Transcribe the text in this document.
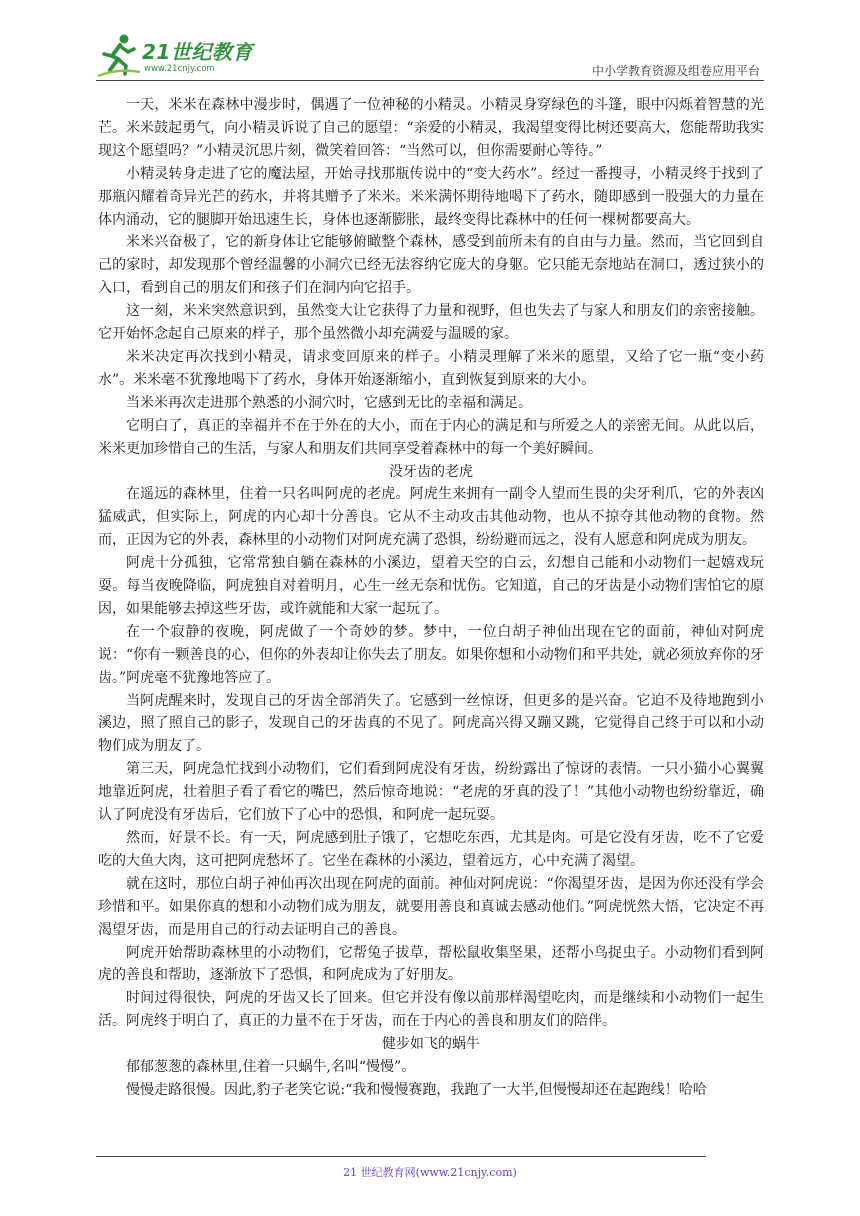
21世纪教育
www.21cnjy.com	中小学教育资源及组卷应用平台

一天，米米在森林中漫步时，偶遇了一位神秘的小精灵。小精灵身穿绿色的斗篷，眼中闪烁着智慧的光芒。米米鼓起勇气，向小精灵诉说了自己的愿望：“亲爱的小精灵，我渴望变得比树还要高大，您能帮助我实现这个愿望吗？”小精灵沉思片刻，微笑着回答：“当然可以，但你需要耐心等待。”

小精灵转身走进了它的魔法屋，开始寻找那瓶传说中的“变大药水”。经过一番搜寻，小精灵终于找到了那瓶闪耀着奇异光芒的药水，并将其赠予了米米。米米满怀期待地喝下了药水，随即感到一股强大的力量在体内涌动，它的腿脚开始迅速生长，身体也逐渐膨胀，最终变得比森林中的任何一棵树都要高大。

米米兴奋极了，它的新身体让它能够俯瞰整个森林，感受到前所未有的自由与力量。然而，当它回到自己的家时，却发现那个曾经温馨的小洞穴已经无法容纳它庞大的身躯。它只能无奈地站在洞口，透过狭小的入口，看到自己的朋友们和孩子们在洞内向它招手。

这一刻，米米突然意识到，虽然变大让它获得了力量和视野，但也失去了与家人和朋友们的亲密接触。它开始怀念起自己原来的样子，那个虽然微小却充满爱与温暖的家。

米米决定再次找到小精灵，请求变回原来的样子。小精灵理解了米米的愿望，又给了它一瓶“变小药水”。米米毫不犹豫地喝下了药水，身体开始逐渐缩小，直到恢复到原来的大小。

当米米再次走进那个熟悉的小洞穴时，它感到无比的幸福和满足。

它明白了，真正的幸福并不在于外在的大小，而在于内心的满足和与所爱之人的亲密无间。从此以后，米米更加珍惜自己的生活，与家人和朋友们共同享受着森林中的每一个美好瞬间。

没牙齿的老虎

在遥远的森林里，住着一只名叫阿虎的老虎。阿虎生来拥有一副令人望而生畏的尖牙利爪，它的外表凶猛威武，但实际上，阿虎的内心却十分善良。它从不主动攻击其他动物，也从不掠夺其他动物的食物。然而，正因为它的外表，森林里的小动物们对阿虎充满了恐惧，纷纷避而远之，没有人愿意和阿虎成为朋友。

阿虎十分孤独，它常常独自躺在森林的小溪边，望着天空的白云，幻想自己能和小动物们一起嬉戏玩耍。每当夜晚降临，阿虎独自对着明月，心生一丝无奈和忧伤。它知道，自己的牙齿是小动物们害怕它的原因，如果能够去掉这些牙齿，或许就能和大家一起玩了。

在一个寂静的夜晚，阿虎做了一个奇妙的梦。梦中，一位白胡子神仙出现在它的面前，神仙对阿虎说：“你有一颗善良的心，但你的外表却让你失去了朋友。如果你想和小动物们和平共处，就必须放弃你的牙齿。”阿虎毫不犹豫地答应了。

当阿虎醒来时，发现自己的牙齿全部消失了。它感到一丝惊讶，但更多的是兴奋。它迫不及待地跑到小溪边，照了照自己的影子，发现自己的牙齿真的不见了。阿虎高兴得又蹦又跳，它觉得自己终于可以和小动物们成为朋友了。

第三天，阿虎急忙找到小动物们，它们看到阿虎没有牙齿，纷纷露出了惊讶的表情。一只小猫小心翼翼地靠近阿虎，壮着胆子看了看它的嘴巴，然后惊奇地说：“老虎的牙真的没了！”其他小动物也纷纷靠近，确认了阿虎没有牙齿后，它们放下了心中的恐惧，和阿虎一起玩耍。

然而，好景不长。有一天，阿虎感到肚子饿了，它想吃东西，尤其是肉。可是它没有牙齿，吃不了它爱吃的大鱼大肉，这可把阿虎愁坏了。它坐在森林的小溪边，望着远方，心中充满了渴望。

就在这时，那位白胡子神仙再次出现在阿虎的面前。神仙对阿虎说：“你渴望牙齿，是因为你还没有学会珍惜和平。如果你真的想和小动物们成为朋友，就要用善良和真诚去感动他们。”阿虎恍然大悟，它决定不再渴望牙齿，而是用自己的行动去证明自己的善良。

阿虎开始帮助森林里的小动物们，它帮兔子拔草，帮松鼠收集坚果，还帮小鸟捉虫子。小动物们看到阿虎的善良和帮助，逐渐放下了恐惧，和阿虎成为了好朋友。

时间过得很快，阿虎的牙齿又长了回来。但它并没有像以前那样渴望吃肉，而是继续和小动物们一起生活。阿虎终于明白了，真正的力量不在于牙齿，而在于内心的善良和朋友们的陪伴。

健步如飞的蜗牛

郁郁葱葱的森林里,住着一只蜗牛,名叫“慢慢”。

慢慢走路很慢。因此,豹子老笑它说:“我和慢慢赛跑，我跑了一大半,但慢慢却还在起跑线！哈哈

21 世纪教育网(www.21cnjy.com)
